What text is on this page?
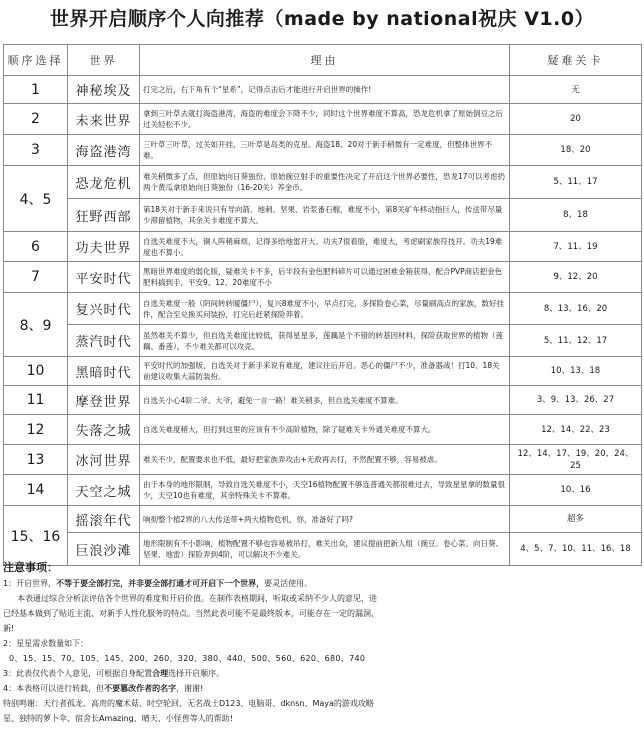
世界开启顺序个人向推荐（made by national祝庆 V1.0）
顺序选择	世界	理由	疑难关卡
1	神秘埃及	打完之后，右下角有个“星系”，记得点击后才能进行开启世界的操作!	无
2	未来世界	拿到三叶草去就打海盗港湾，海盗的难度会下降不少，同时这个世界难度不算高，恐龙危机拿了原始倒豆之后过关轻松不少。	20
3	海盗港湾	三叶草三叶草，过关如开挂，三叶草是岛类的克星。海盗18、20对于新手稍微有一定难度，但整体世界不难。	18、20
4、5	恐龙危机	难关稍微多了点，但原始向日葵独份、原始豌豆射手的重要性决定了开启这个世界必要性，恐龙17可以考虑扔两个黄瓜拿原始向日葵独份（16-20关）养金币。	5、11、17
	狂野西部	第18关对于新手来说只有导向箭、地刺、坚果、岩浆番石榴，难度不小，第8关矿车移动指巨人，传送带尽量少滞留植物，其余关卡难度不算大。	8、18
6	功夫世界	自选关难度不大，铜人阵稍麻烦，记得多给地雷开大。功夫7很看脸，难度大，考虑刷家族符技开。功夫19难度也不算小。	7、11、19
7	平安时代	黑暗世界难度的弱化版，疑难关卡不多，后半段有金色肥料碎片可以通过困难金箱获得，配合PVP商店把金色肥料搞到手，平安9、12、20难度不小	9、12、20
8、9	复兴时代	自选关难度一般（阴间转转暖僵尸），复兴8难度不小，早点打完，多探险卷心菜，尽量刷高点的家族，数好挂件，配合至兑换买问装扮，打完后赶紧探险莽着。	8、13、16、20
	蒸汽时代	虽然难关不算少，但自选关难度比较低，获得星星多，莲藕是个不错的转基因材料，探险获取世界的植物（莲藕、番莲），不少难关都可以攻克。	5、11、12、17
10	黑暗时代	平安时代的加强版，自选关对于新手来说有难度，建议往后开启。恶心的僵尸不少，准备器战！打10、18关前建议收集大蒜防装扮。	10、13、18
11	摩登世界	自选关小心4阶二爷、大爷，避免一言一路！难关稍多，但自选关难度不算难。	3、9、13、26、27
12	失落之城	自选关难度稍大，但打到这里的应该有不少高阶植物，除了疑难关卡外通关难度不算大。	12、14、22、23
13	冰河世界	难关不少，配置要求也不低，最好把家族弄攻击+无敌再去打，不然配置不够，容易被虐。	12、14、17、19、20、24、25
14	天空之城	由于本身的地形限制，导致自选关难度不小，天空16植物配置不够连普通关都很难过去，导致星星拿的数量很少，天空10也有难度，其余特殊关卡不算难。	10、16
15、16	摇滚年代	响彻整个植2界的八大传送带+两大植物危机，你，准备好了吗?	超多
	巨浪沙滩	地形限制有不小影响，植物配置不够也容易被吊打，难关出众，建议提前把新人组（豌豆、卷心菜、向日葵、坚果、地雷）探险弄到4阶，可以解决不少难关。	4、5、7、10、11、16、18
注意事项：
1：开启世界，不等于要全部打完，并非要全部打通才可开启下一个世界，要灵活使用。
本表通过综合分析法评估各个世界的难度和开启价值。在制作表格期间，听取或采纳不少人的意见，进
已经基本做到了贴近主流、对新手人性化服务的特点。当然此表可能不是最终版本，可能存在一定的漏洞，
新!
2：星星需求数量如下：
0、15、15、70、105、145、200、260、320、380、440、500、560、620、680、740
3：此表仅代表个人意见，可根据自身配置合理选择开启顺序。
4：本表格可以进行转载，但不要篡改作者的名字，谢谢!
特别鸣谢：天行者孤龙、高贵的魔术菇、时空轮回、无名战士D123、电脑哥、dknsn、Maya的游戏攻略
星、独特的萝卜伞、宿舍长Amazing、晴天、小怪兽等人的帮助!
